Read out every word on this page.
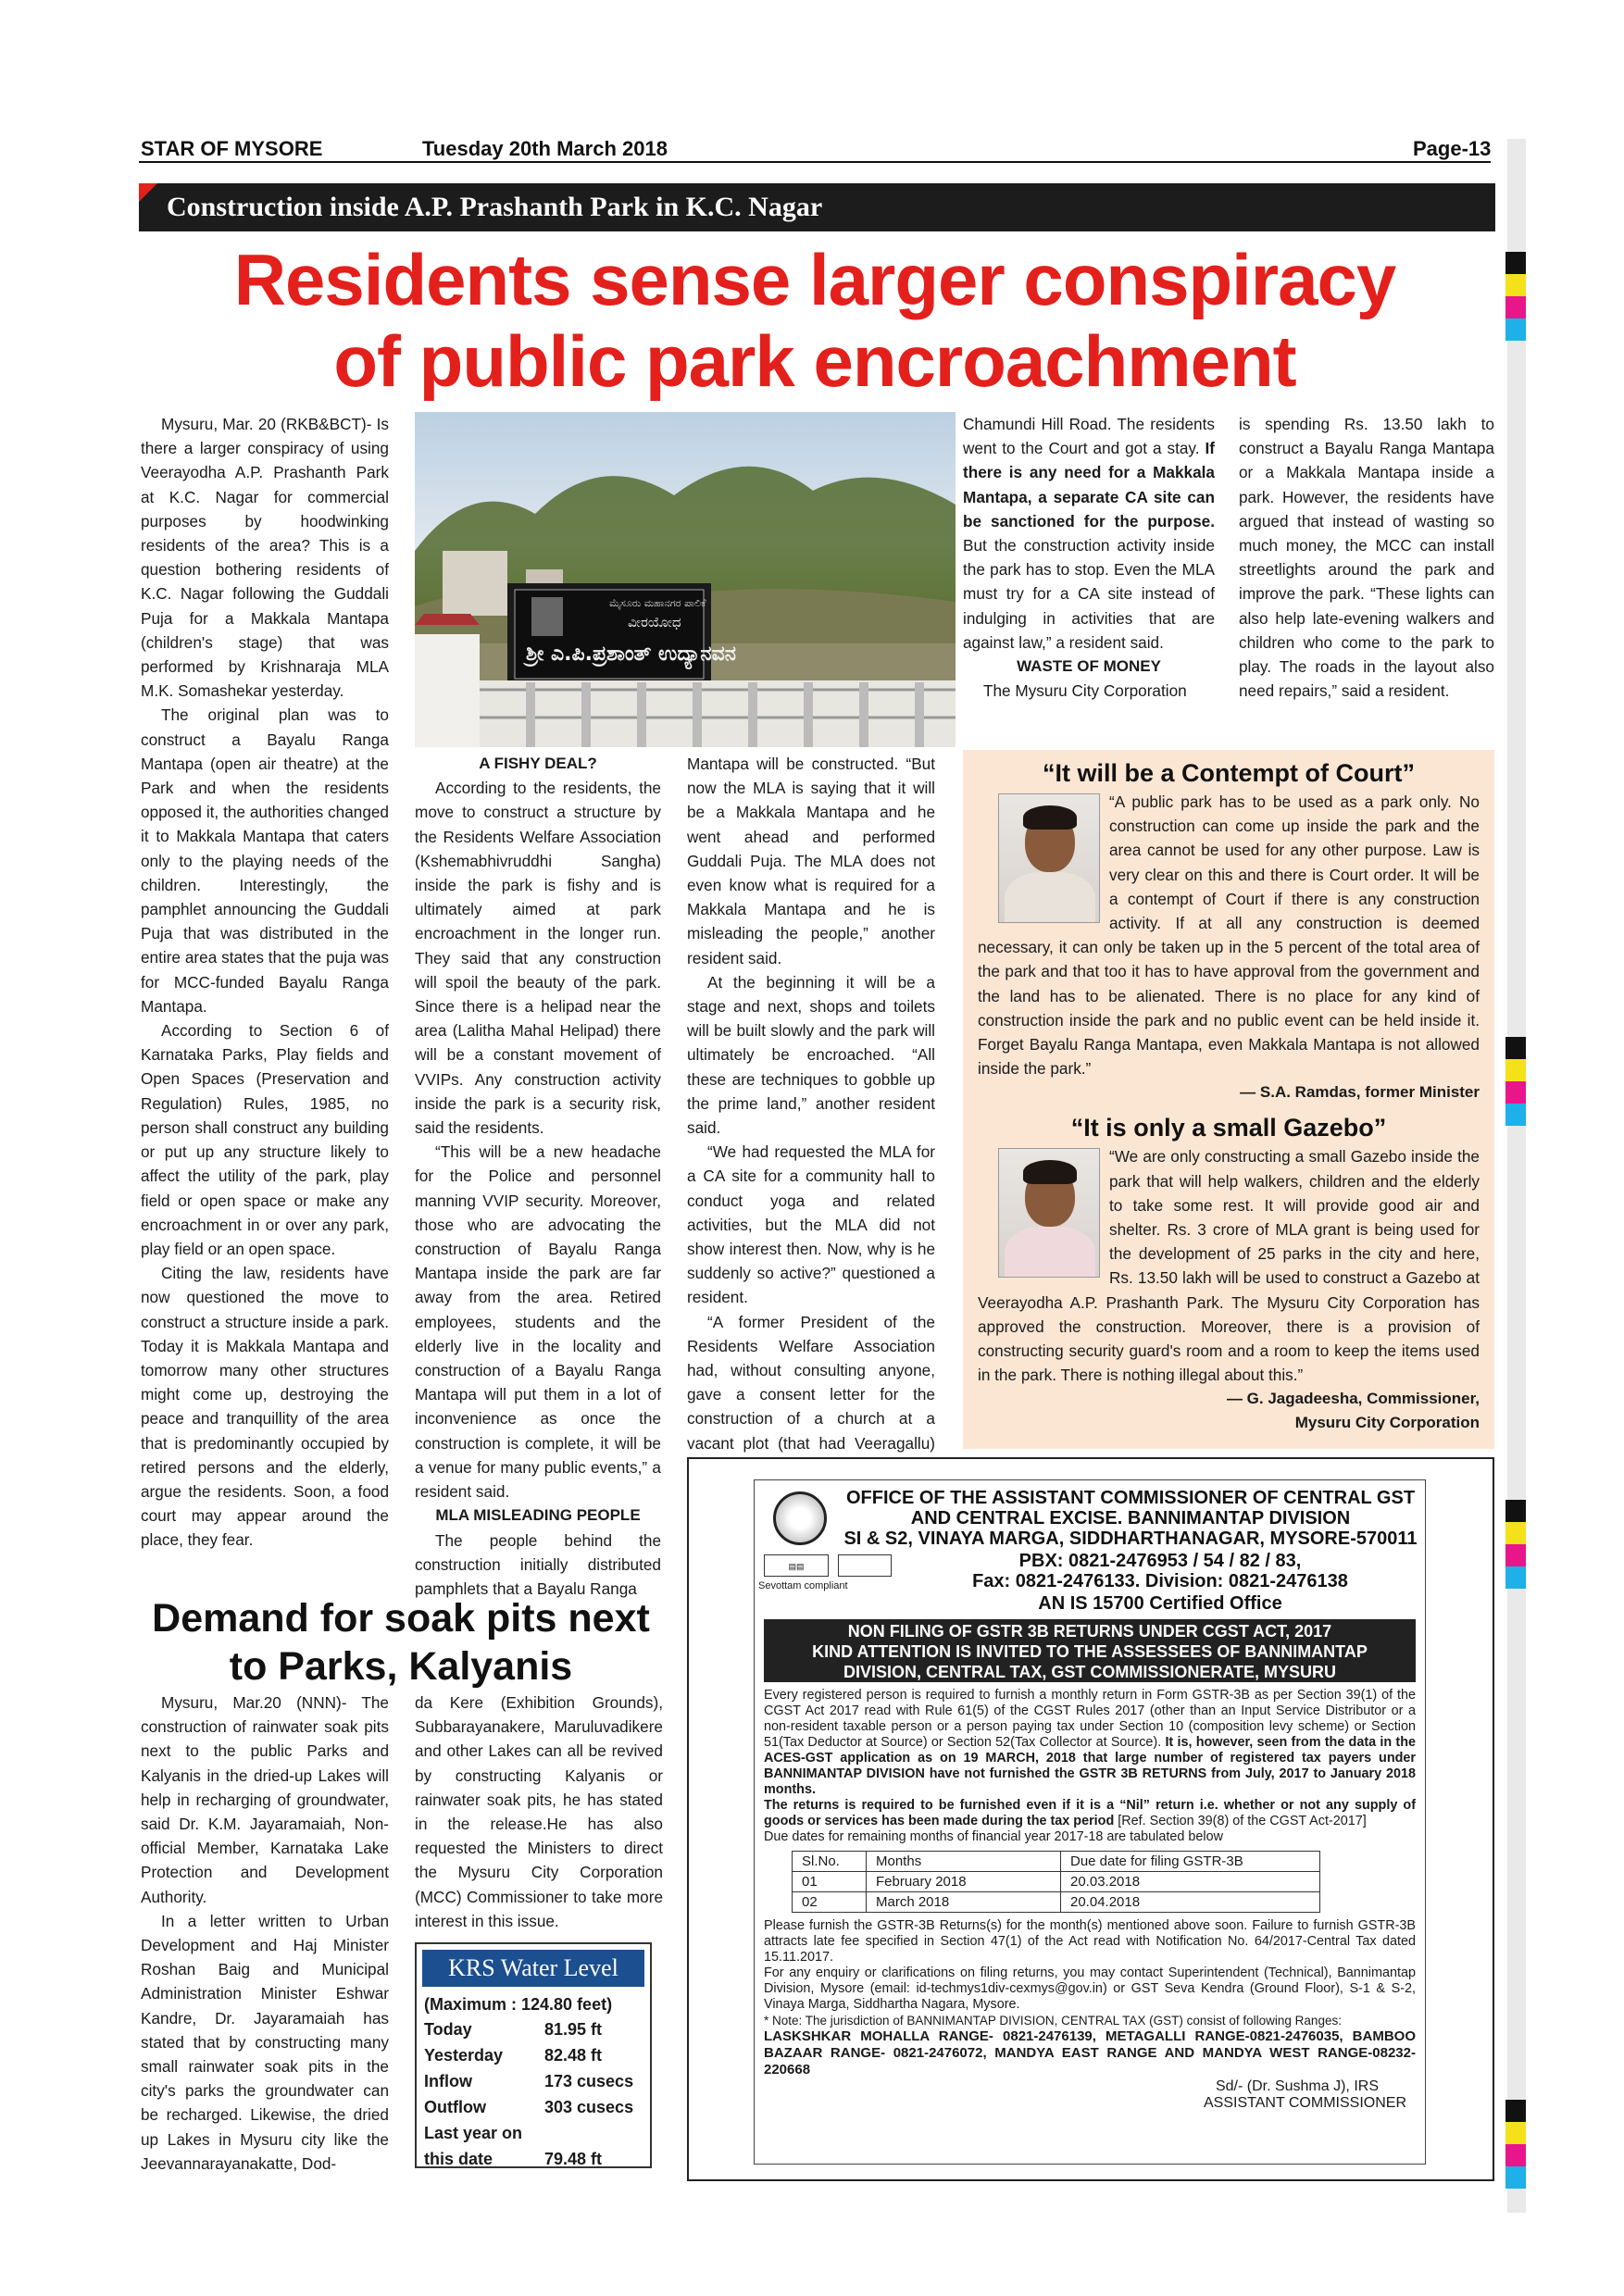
STAR OF MYSORE	Tuesday 20th March 2018	Page-13
Construction inside A.P. Prashanth Park in K.C. Nagar
Residents sense larger conspiracy
of public park encroachment

Mysuru, Mar. 20 (RKB&BCT)- Is there a larger conspiracy of using Veerayodha A.P. Prashanth Park at K.C. Nagar for commercial purposes by hoodwinking residents of the area? This is a question bothering residents of K.C. Nagar following the Guddali Puja for a Makkala Mantapa (children's stage) that was performed by Krishnaraja MLA M.K. Somashekar yesterday.

The original plan was to construct a Bayalu Ranga Mantapa (open air theatre) at the Park and when the residents opposed it, the authorities changed it to Makkala Mantapa that caters only to the playing needs of the children. Interestingly, the pamphlet announcing the Guddali Puja that was distributed in the entire area states that the puja was for MCC-funded Bayalu Ranga Mantapa.

According to Section 6 of Karnataka Parks, Play fields and Open Spaces (Preservation and Regulation) Rules, 1985, no person shall construct any building or put up any structure likely to affect the utility of the park, play field or open space or make any encroachment in or over any park, play field or an open space.

Citing the law, residents have now questioned the move to construct a structure inside a park. Today it is Makkala Mantapa and tomorrow many other structures might come up, destroying the peace and tranquillity of the area that is predominantly occupied by retired persons and the elderly, argue the residents. Soon, a food court may appear around the place, they fear.

ಮೈಸೂರು ಮಹಾನಗರ ಪಾಲಿಕೆ
ವೀರಯೋಧ
ಶ್ರೀ ಎ.ಪಿ.ಪ್ರಶಾಂತ್ ಉದ್ಯಾನವನ

A FISHY DEAL?

According to the residents, the move to construct a structure by the Residents Welfare Association (Kshemabhivruddhi Sangha) inside the park is fishy and is ultimately aimed at park encroachment in the longer run. They said that any construction will spoil the beauty of the park. Since there is a helipad near the area (Lalitha Mahal Helipad) there will be a constant movement of VVIPs. Any construction activity inside the park is a security risk, said the residents.

“This will be a new headache for the Police and personnel manning VVIP security. Moreover, those who are advocating the construction of Bayalu Ranga Mantapa inside the park are far away from the area. Retired employees, students and the elderly live in the locality and construction of a Bayalu Ranga Mantapa will put them in a lot of inconvenience as once the construction is complete, it will be a venue for many public events,” a resident said.

MLA MISLEADING PEOPLE

The people behind the construction initially distributed pamphlets that a Bayalu Ranga

Mantapa will be constructed. “But now the MLA is saying that it will be a Makkala Mantapa and he went ahead and performed Guddali Puja. The MLA does not even know what is required for a Makkala Mantapa and he is misleading the people,” another resident said.

At the beginning it will be a stage and next, shops and toilets will be built slowly and the park will ultimately be encroached. “All these are techniques to gobble up the prime land,” another resident said.

“We had requested the MLA for a CA site for a community hall to conduct yoga and related activities, but the MLA did not show interest then. Now, why is he suddenly so active?” questioned a resident.

“A former President of the Residents Welfare Association had, without consulting anyone, gave a consent letter for the construction of a church at a vacant plot (that had Veeragallu)

Chamundi Hill Road. The residents went to the Court and got a stay. If there is any need for a Makkala Mantapa, a separate CA site can be sanctioned for the purpose. But the construction activity inside the park has to stop. Even the MLA must try for a CA site instead of indulging in activities that are against law,” a resident said.

WASTE OF MONEY

The Mysuru City Corporation

is spending Rs. 13.50 lakh to construct a Bayalu Ranga Mantapa or a Makkala Mantapa inside a park. However, the residents have argued that instead of wasting so much money, the MCC can install streetlights around the park and improve the park. “These lights can also help late-evening walkers and children who come to the park to play. The roads in the layout also need repairs,” said a resident.

“It will be a Contempt of Court”
“A public park has to be used as a park only. No construction can come up inside the park and the area cannot be used for any other purpose. Law is very clear on this and there is Court order. It will be a contempt of Court if there is any construction activity. If at all any construction is deemed necessary, it can only be taken up in the 5 percent of the total area of the park and that too it has to have approval from the government and the land has to be alienated. There is no place for any kind of construction inside the park and no public event can be held inside it. Forget Bayalu Ranga Mantapa, even Makkala Mantapa is not allowed inside the park.”
— S.A. Ramdas, former Minister
“It is only a small Gazebo”
“We are only constructing a small Gazebo inside the park that will help walkers, children and the elderly to take some rest. It will provide good air and shelter. Rs. 3 crore of MLA grant is being used for the development of 25 parks in the city and here, Rs. 13.50 lakh will be used to construct a Gazebo at Veerayodha A.P. Prashanth Park. The Mysuru City Corporation has approved the construction. Moreover, there is a provision of constructing security guard's room and a room to keep the items used in the park. There is nothing illegal about this.”
— G. Jagadeesha, Commissioner,
Mysuru City Corporation
Demand for soak pits next
to Parks, Kalyanis

Mysuru, Mar.20 (NNN)- The construction of rainwater soak pits next to the public Parks and Kalyanis in the dried-up Lakes will help in recharging of groundwater, said Dr. K.M. Jayaramaiah, Non-official Member, Karnataka Lake Protection and Development Authority.

In a letter written to Urban Development and Haj Minister Roshan Baig and Municipal Administration Minister Eshwar Kandre, Dr. Jayaramaiah has stated that by constructing many small rainwater soak pits in the city's parks the groundwater can be recharged. Likewise, the dried up Lakes in Mysuru city like the Jeevannarayanakatte, Dod-

da Kere (Exhibition Grounds), Subbarayanakere, Maruluvadikere and other Lakes can all be revived by constructing Kalyanis or rainwater soak pits, he has stated in the release.He has also requested the Ministers to direct the Mysuru City Corporation (MCC) Commissioner to take more interest in this issue.

KRS Water Level
(Maximum : 124.80 feet)
Today	81.95 ft
Yesterday	82.48 ft
Inflow	173 cusecs
Outflow	303 cusecs
Last year on	
this date	79.48 ft
▤▤
Sevottam compliant
OFFICE OF THE ASSISTANT COMMISSIONER OF CENTRAL GST
AND CENTRAL EXCISE. BANNIMANTAP DIVISION
SI & S2, VINAYA MARGA, SIDDHARTHANAGAR, MYSORE-570011
PBX: 0821-2476953 / 54 / 82 / 83,
Fax: 0821-2476133. Division: 0821-2476138
AN IS 15700 Certified Office
NON FILING OF GSTR 3B RETURNS UNDER CGST ACT, 2017
KIND ATTENTION IS INVITED TO THE ASSESSEES OF BANNIMANTAP
DIVISION, CENTRAL TAX, GST COMMISSIONERATE, MYSURU
Every registered person is required to furnish a monthly return in Form GSTR-3B as per Section 39(1) of the CGST Act 2017 read with Rule 61(5) of the CGST Rules 2017 (other than an Input Service Distributor or a non-resident taxable person or a person paying tax under Section 10 (composition levy scheme) or Section 51(Tax Deductor at Source) or Section 52(Tax Collector at Source). It is, however, seen from the data in the ACES-GST application as on 19 MARCH, 2018 that large number of registered tax payers under BANNIMANTAP DIVISION have not furnished the GSTR 3B RETURNS from July, 2017 to January 2018 months.
The returns is required to be furnished even if it is a “Nil” return i.e. whether or not any supply of goods or services has been made during the tax period [Ref. Section 39(8) of the CGST Act-2017]
Due dates for remaining months of financial year 2017-18 are tabulated below
Sl.No.	Months	Due date for filing GSTR-3B
01	February 2018	20.03.2018
02	March 2018	20.04.2018
Please furnish the GSTR-3B Returns(s) for the month(s) mentioned above soon. Failure to furnish GSTR-3B attracts late fee specified in Section 47(1) of the Act read with Notification No. 64/2017-Central Tax dated 15.11.2017.
For any enquiry or clarifications on filing returns, you may contact Superintendent (Technical), Bannimantap Division, Mysore (email: id-techmys1div-cexmys@gov.in) or GST Seva Kendra (Ground Floor), S-1 & S-2, Vinaya Marga, Siddhartha Nagara, Mysore.
* Note: The jurisdiction of BANNIMANTAP DIVISION, CENTRAL TAX (GST) consist of following Ranges:
LASKSHKAR MOHALLA RANGE- 0821-2476139, METAGALLI RANGE-0821-2476035, BAMBOO BAZAAR RANGE- 0821-2476072, MANDYA EAST RANGE AND MANDYA WEST RANGE-08232-220668
Sd/- (Dr. Sushma J), IRS
ASSISTANT COMMISSIONER
